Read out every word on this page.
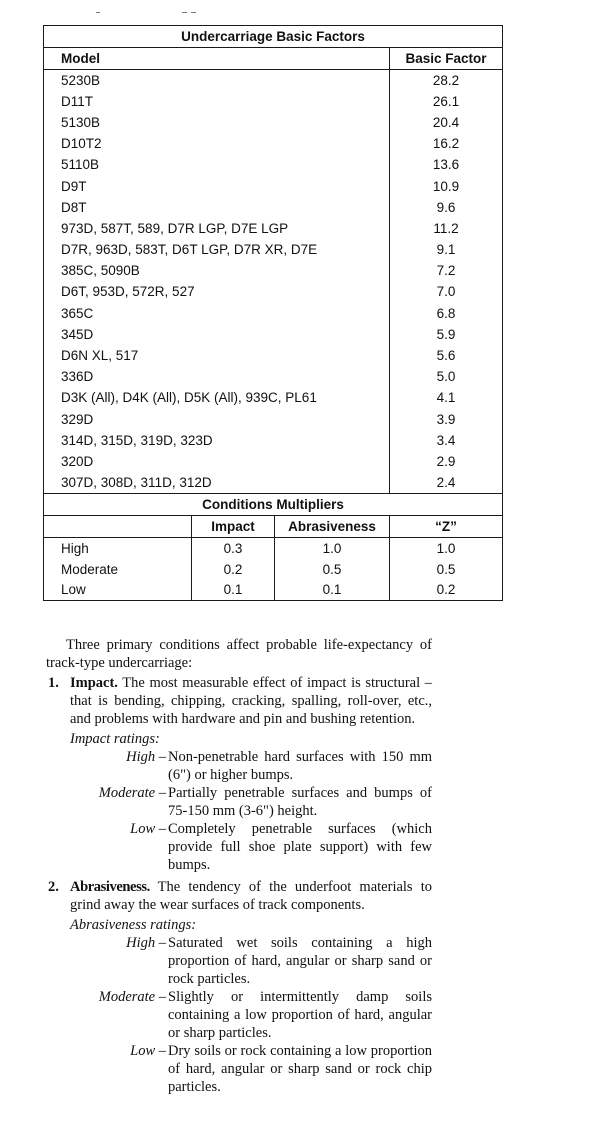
Undercarriage Basic Factors			
Model			Basic Factor
5230B			28.2
D11T			26.1
5130B			20.4
D10T2			16.2
5110B			13.6
D9T			10.9
D8T			9.6
973D, 587T, 589, D7R LGP, D7E LGP			11.2
D7R, 963D, 583T, D6T LGP, D7R XR, D7E			9.1
385C, 5090B			7.2
D6T, 953D, 572R, 527			7.0
365C			6.8
345D			5.9
D6N XL, 517			5.6
336D			5.0
D3K (All), D4K (All), D5K (All), 939C, PL61			4.1
329D			3.9
314D, 315D, 319D, 323D			3.4
320D			2.9
307D, 308D, 311D, 312D			2.4
Conditions Multipliers			
	Impact	Abrasiveness	“Z”
High	0.3	1.0	1.0
Moderate	0.2	0.5	0.5
Low	0.1	0.1	0.2

Three primary conditions affect probable life-expectancy of track-type undercarriage:

1. Impact. The most measurable effect of impact is structural – that is bending, chipping, cracking, spalling, roll-over, etc., and problems with hardware and pin and bushing retention.
Impact ratings:
High – Non-penetrable hard surfaces with 150 mm (6") or higher bumps.
Moderate – Partially penetrable surfaces and bumps of 75-150 mm (3-6") height.
Low – Completely penetrable surfaces (which provide full shoe plate support) with few bumps.
2. Abrasiveness. The tendency of the underfoot materials to grind away the wear surfaces of track components.
Abrasiveness ratings:
High – Saturated wet soils containing a high proportion of hard, angular or sharp sand or rock particles.
Moderate – Slightly or intermittently damp soils containing a low proportion of hard, angular or sharp particles.
Low – Dry soils or rock containing a low proportion of hard, angular or sharp sand or rock chip particles.
